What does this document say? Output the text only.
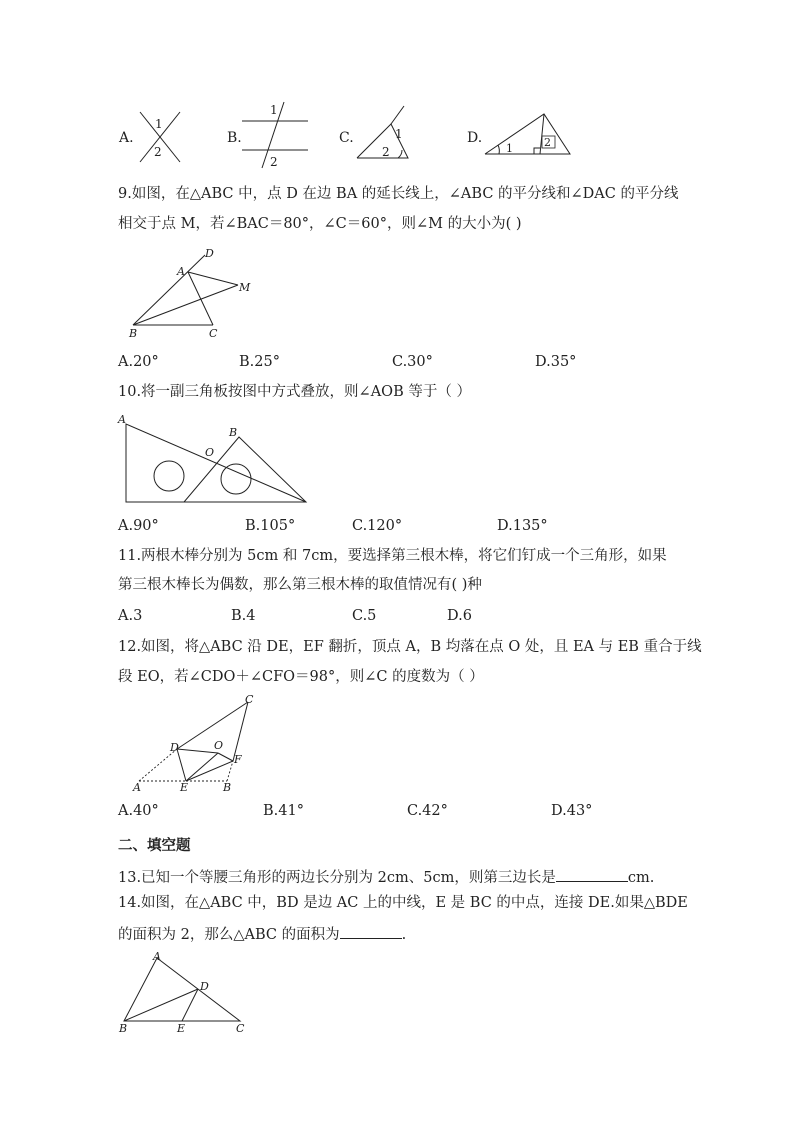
A.
1
2
B.
1
2
C.	1
2
D.
1	2
9.如图，在△ABC 中，点 D 在边 BA 的延长线上，∠ABC 的平分线和∠DAC 的平分线
相交于点 M，若∠BAC＝80°，∠C＝60°，则∠M 的大小为( )
A
B	C
D
M
A.20°	B.25°	C.30°	D.35°
10.将一副三角板按图中方式叠放，则∠AOB 等于（ ）
A
B
O
A.90°	B.105°	C.120°	D.135°
11.两根木棒分别为 5cm 和 7cm，要选择第三根木棒，将它们钉成一个三角形，如果
第三根木棒长为偶数，那么第三根木棒的取值情况有( )种
A.3	B.4	C.5	D.6
12.如图，将△ABC 沿 DE，EF 翻折，顶点 A，B 均落在点 O 处，且 EA 与 EB 重合于线
段 EO，若∠CDO＋∠CFO＝98°，则∠C 的度数为（ ）
C
D	O
F
A	E	B
A.40°	B.41°	C.42°	D.43°
二、填空题
13.已知一个等腰三角形的两边长分别为 2cm、5cm，则第三边长是	cm.
14.如图，在△ABC 中，BD 是边 AC 上的中线，E 是 BC 的中点，连接 DE.如果△BDE
的面积为 2，那么△ABC 的面积为	.
A
B	C
D
E
